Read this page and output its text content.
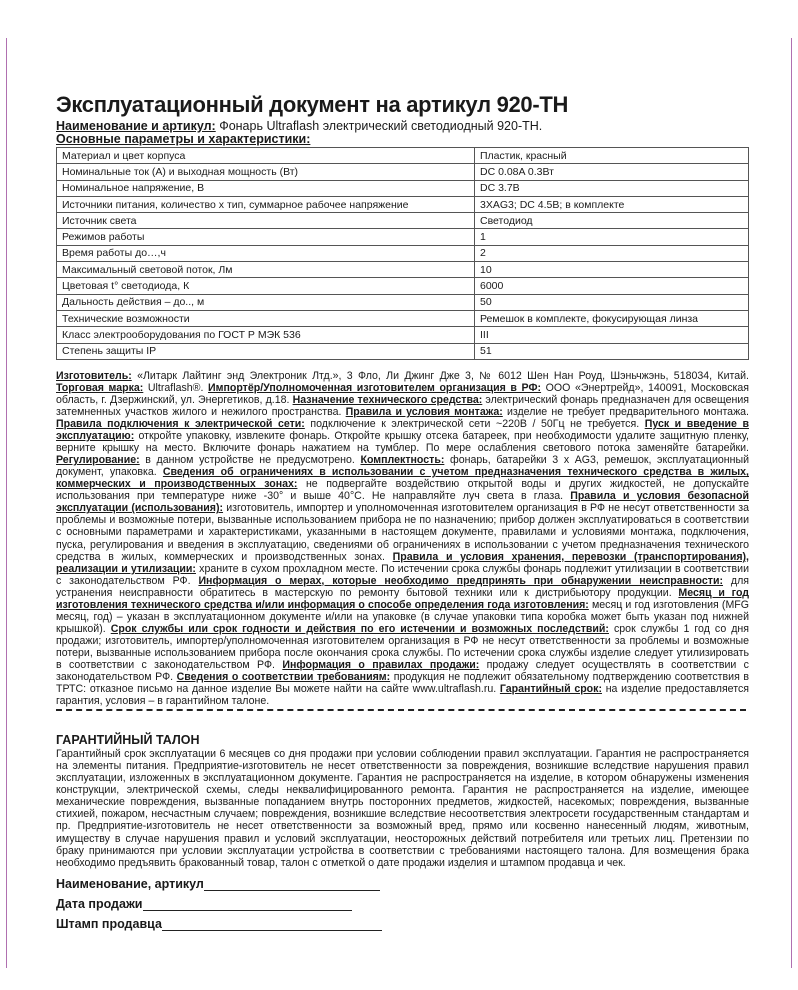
Эксплуатационный документ на артикул 920-ТН
Наименование и артикул: Фонарь Ultraflash электрический светодиодный 920-ТН.
Основные параметры и характеристики:
Материал и цвет корпуса	Пластик, красный
Номинальные ток (А) и выходная мощность (Вт)	DC 0.08A 0.3Вт
Номинальное напряжение, В	DC 3.7В
Источники питания, количество х тип, суммарное рабочее напряжение	3XAG3; DC 4.5В; в комплекте
Источник света	Светодиод
Режимов работы	1
Время работы до…,ч	2
Максимальный световой поток, Лм	10
Цветовая t° светодиода, К	6000
Дальность действия – до.., м	50
Технические возможности	Ремешок в комплекте, фокусирующая линза
Класс электрооборудования по ГОСТ Р МЭК 536	III
Степень защиты IP	51
Изготовитель: «Литарк Лайтинг энд Электроник Лтд.», 3 Фло, Ли Джинг Дже 3, № 6012 Шен Нан Роуд, Шэньчжэнь, 518034, Китай. Торговая марка: Ultraflash®. Импортёр/Уполномоченная изготовителем организация в РФ: ООО «Энертрейд», 140091, Московская область, г. Дзержинский, ул. Энергетиков, д.18. Назначение технического средства: электрический фонарь предназначен для освещения затемненных участков жилого и нежилого пространства. Правила и условия монтажа: изделие не требует предварительного монтажа. Правила подключения к электрической сети: подключение к электрической сети ~220В / 50Гц не требуется. Пуск и введение в эксплуатацию: откройте упаковку, извлеките фонарь. Откройте крышку отсека батареек, при необходимости удалите защитную пленку, верните крышку на место. Включите фонарь нажатием на тумблер. По мере ослабления светового потока заменяйте батарейки. Регулирование: в данном устройстве не предусмотрено. Комплектность: фонарь, батарейки 3 х AG3, ремешок, эксплуатационный документ, упаковка. Сведения об ограничениях в использовании с учетом предназначения технического средства в жилых, коммерческих и производственных зонах: не подвергайте воздействию открытой воды и других жидкостей, не допускайте использования при температуре ниже -30° и выше 40°С. Не направляйте луч света в глаза. Правила и условия безопасной эксплуатации (использования): изготовитель, импортер и уполномоченная изготовителем организация в РФ не несут ответственности за проблемы и возможные потери, вызванные использованием прибора не по назначению; прибор должен эксплуатироваться в соответствии с основными параметрами и характеристиками, указанными в настоящем документе, правилами и условиями монтажа, подключения, пуска, регулирования и введения в эксплуатацию, сведениями об ограничениях в использовании с учетом предназначения технического средства в жилых, коммерческих и производственных зонах. Правила и условия хранения, перевозки (транспортирования), реализации и утилизации: храните в сухом прохладном месте. По истечении срока службы фонарь подлежит утилизации в соответствии с законодательством РФ. Информация о мерах, которые необходимо предпринять при обнаружении неисправности: для устранения неисправности обратитесь в мастерскую по ремонту бытовой техники или к дистрибьютору продукции. Месяц и год изготовления технического средства и/или информация о способе определения года изготовления: месяц и год изготовления (MFG месяц, год) – указан в эксплуатационном документе и/или на упаковке (в случае упаковки типа коробка может быть указан под нижней крышкой). Срок службы или срок годности и действия по его истечении и возможных последствий: срок службы 1 год со дня продажи; изготовитель, импортер/уполномоченная изготовителем организация в РФ не несут ответственности за проблемы и возможные потери, вызванные использованием прибора после окончания срока службы. По истечении срока службы изделие следует утилизировать в соответствии с законодательством РФ. Информация о правилах продажи: продажу следует осуществлять в соответствии с законодательством РФ. Сведения о соответствии требованиям: продукция не подлежит обязательному подтверждению соответствия в ТРТС: отказное письмо на данное изделие Вы можете найти на сайте www.ultraflash.ru. Гарантийный срок: на изделие предоставляется гарантия, условия – в гарантийном талоне.
ГАРАНТИЙНЫЙ ТАЛОН
Гарантийный срок эксплуатации 6 месяцев со дня продажи при условии соблюдении правил эксплуатации. Гарантия не распространяется на элементы питания. Предприятие-изготовитель не несет ответственности за повреждения, возникшие вследствие нарушения правил эксплуатации, изложенных в эксплуатационном документе. Гарантия не распространяется на изделие, в котором обнаружены изменения конструкции, электрической схемы, следы неквалифицированного ремонта. Гарантия не распространяется на изделие, имеющее механические повреждения, вызванные попаданием внутрь посторонних предметов, жидкостей, насекомых; повреждения, вызванные стихией, пожаром, несчастным случаем; повреждения, возникшие вследствие несоответствия электросети государственным стандартам и пр. Предприятие-изготовитель не несет ответственности за возможный вред, прямо или косвенно нанесенный людям, животным, имуществу в случае нарушения правил и условий эксплуатации, неосторожных действий потребителя или третьих лиц. Претензии по браку принимаются при условии эксплуатации устройства в соответствии с требованиями настоящего талона. Для возмещения брака необходимо предъявить бракованный товар, талон с отметкой о дате продажи изделия и штампом продавца и чек.
Наименование, артикул
Дата продажи
Штамп продавца
